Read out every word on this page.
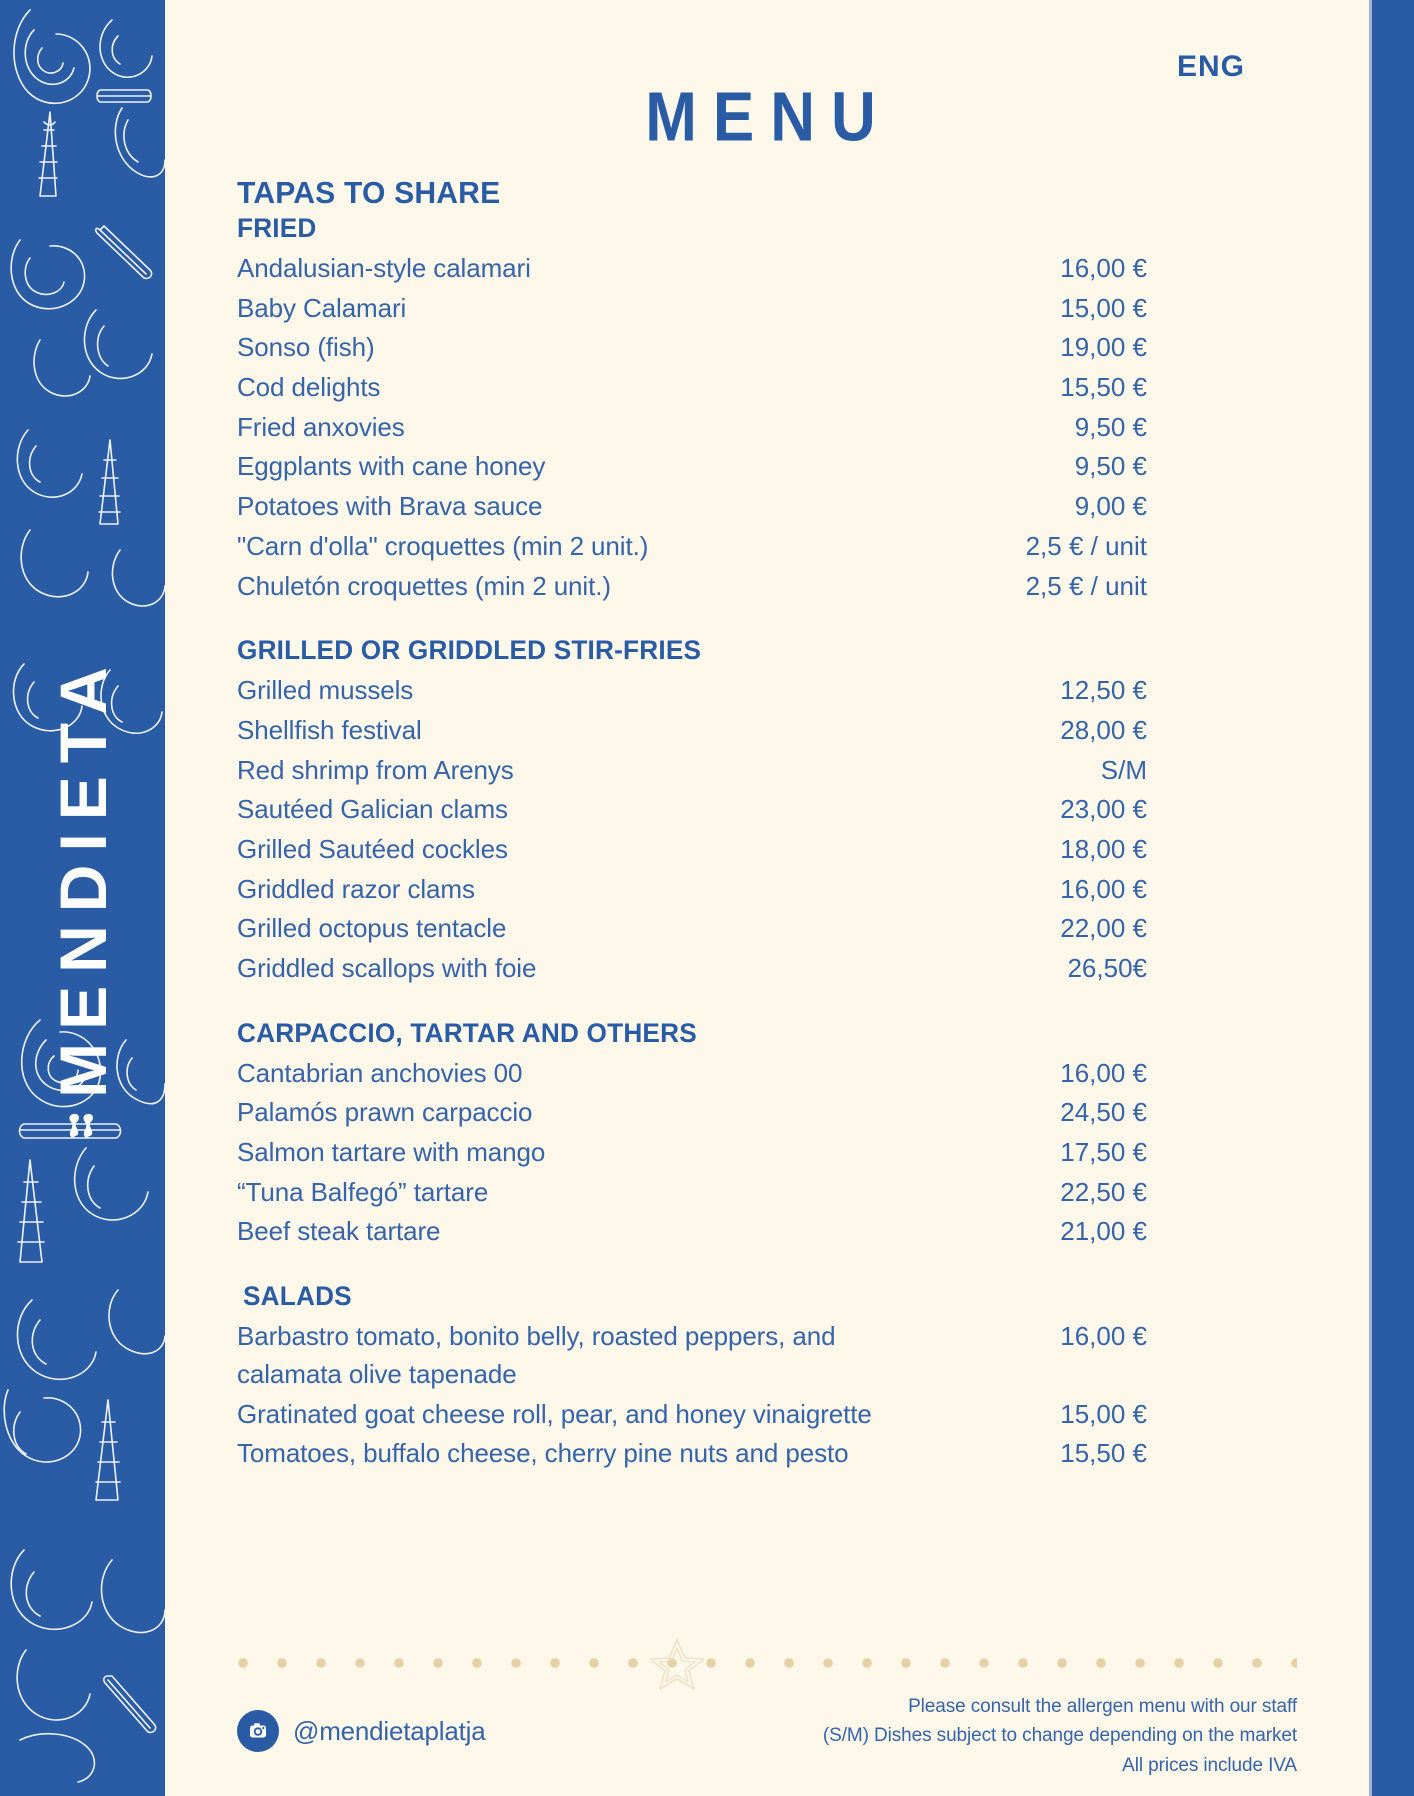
MENDIETA
ENG
MENU
TAPAS TO SHARE
FRIED
Andalusian-style calamari	16,00 €
Baby Calamari	15,00 €
Sonso (fish)	19,00 €
Cod delights	15,50 €
Fried anxovies	9,50 €
Eggplants with cane honey	9,50 €
Potatoes with Brava sauce	9,00 €
"Carn d'olla" croquettes (min 2 unit.)	2,5 € / unit
Chuletón croquettes (min 2 unit.)	2,5 € / unit
GRILLED OR GRIDDLED STIR-FRIES
Grilled mussels	12,50 €
Shellfish festival	28,00 €
Red shrimp from Arenys	S/M
Sautéed Galician clams	23,00 €
Grilled Sautéed cockles	18,00 €
Griddled razor clams	16,00 €
Grilled octopus tentacle	22,00 €
Griddled scallops with foie	26,50€
CARPACCIO, TARTAR AND OTHERS
Cantabrian anchovies 00	16,00 €
Palamós prawn carpaccio	24,50 €
Salmon tartare with mango	17,50 €
“Tuna Balfegó” tartare	22,50 €
Beef steak tartare	21,00 €
SALADS
Barbastro tomato, bonito belly, roasted peppers, and calamata olive tapenade
16,00 €
Gratinated goat cheese roll, pear, and honey vinaigrette	15,00 €
Tomatoes, buffalo cheese, cherry pine nuts and pesto	15,50 €
@mendietaplatja
Please consult the allergen menu with our staff
(S/M) Dishes subject to change depending on the market
All prices include IVA
